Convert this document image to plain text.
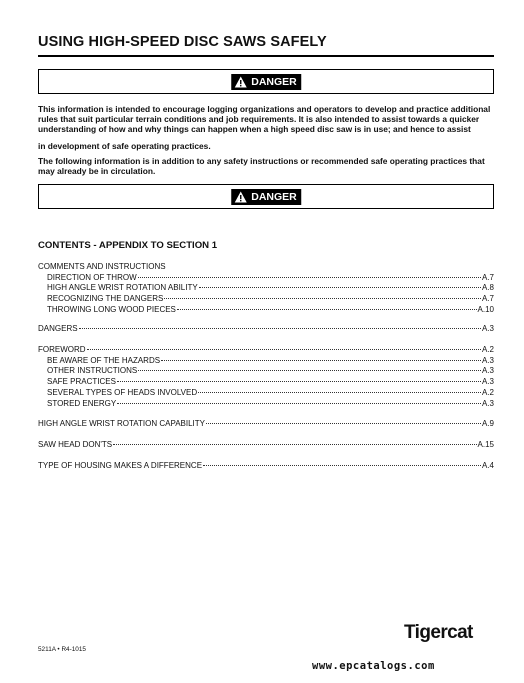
USING HIGH-SPEED DISC SAWS SAFELY
DANGER
This information is intended to encourage logging organizations and operators to develop and practice additional rules that suit particular terrain conditions and job requirements. It is also intended to assist towards a quicker understanding of how and why things can happen when a high speed disc saw is in use; and hence to assist
in development of safe operating practices.
The following information is in addition to any safety instructions or recommended safe operating practices that may already be in circulation.
DANGER
CONTENTS - APPENDIX TO SECTION 1
COMMENTS AND INSTRUCTIONS
DIRECTION OF THROW	A.7
HIGH ANGLE WRIST ROTATION ABILITY	A.8
RECOGNIZING THE DANGERS	A.7
THROWING LONG WOOD PIECES	A.10
DANGERS	A.3
FOREWORD	A.2
BE AWARE OF THE HAZARDS	A.3
OTHER INSTRUCTIONS	A.3
SAFE PRACTICES	A.3
SEVERAL TYPES OF HEADS INVOLVED	A.2
STORED ENERGY	A.3
HIGH ANGLE WRIST ROTATION CAPABILITY	A.9
SAW HEAD DON'TS	A.15
TYPE OF HOUSING MAKES A DIFFERENCE	A.4
5211A • R4-1015
Tigercat
www.epcatalogs.com
